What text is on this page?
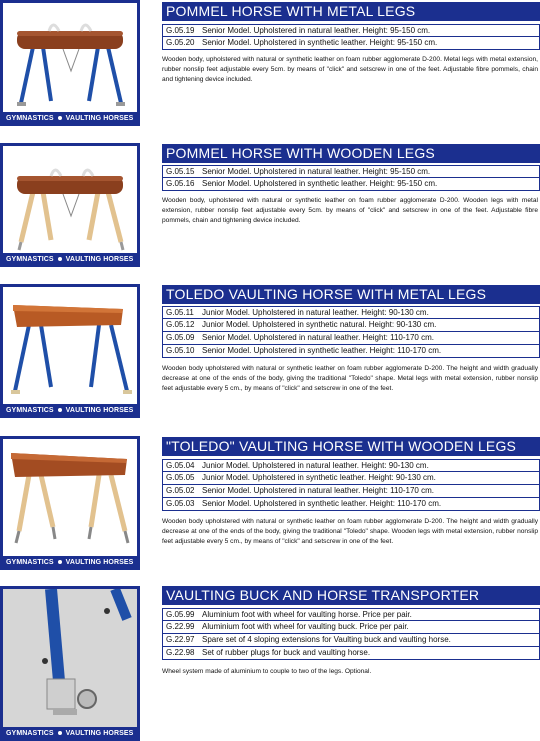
GYMNASTICS VAULTING HORSES
POMMEL HORSE WITH METAL LEGS
G.05.19 Senior Model. Upholstered in natural leather. Height: 95-150 cm.
G.05.20 Senior Model. Upholstered in synthetic leather. Height: 95-150 cm.
Wooden body, upholstered with natural or synthetic leather on foam rubber agglomerate D-200. Metal legs with metal extension, rubber nonslip feet adjustable every 5cm. by means of "click" and setscrew in one of the feet. Adjustable fibre pommels, chain and tightening device included.
GYMNASTICS VAULTING HORSES
POMMEL HORSE WITH WOODEN LEGS
G.05.15 Senior Model. Upholstered in natural leather. Height: 95-150 cm.
G.05.16 Senior Model. Upholstered in synthetic leather. Height: 95-150 cm.
Wooden body, upholstered with natural or synthetic leather on foam rubber agglomerate D-200. Wooden legs with metal extension, rubber nonslip feet adjustable every 5cm. by means of "click" and setscrew in one of the feet. Adjustable fibre pommels, chain and tightening device included.
GYMNASTICS VAULTING HORSES
TOLEDO VAULTING HORSE WITH METAL LEGS
G.05.11 Junior Model. Upholstered in natural leather. Height: 90-130 cm.
G.05.12 Junior Model. Upholstered in synthetic natural. Height: 90-130 cm.
G.05.09 Senior Model. Upholstered in natural leather. Height: 110-170 cm.
G.05.10 Senior Model. Upholstered in synthetic leather. Height: 110-170 cm.
Wooden body upholstered with natural or synthetic leather on foam rubber agglomerate D-200. The height and width gradually decrease at one of the ends of the body, giving the traditional "Toledo" shape. Metal legs with metal extension, rubber nonslip feet adjustable every 5 cm., by means of "click" and setscrew in one of the feet.
GYMNASTICS VAULTING HORSES
"TOLEDO" VAULTING HORSE WITH WOODEN LEGS
G.05.04 Junior Model. Upholstered in natural leather. Height: 90-130 cm.
G.05.05 Junior Model. Upholstered in synthetic leather. Height: 90-130 cm.
G.05.02 Senior Model. Upholstered in natural leather. Height: 110-170 cm.
G.05.03 Senior Model. Upholstered in synthetic leather. Height: 110-170 cm.
Wooden body upholstered with natural or synthetic leather on foam rubber agglomerate D-200. The height and width gradually decrease at one of the ends of the body, giving the traditional "Toledo" shape. Wooden legs with metal extension, rubber nonslip feet adjustable every 5 cm., by means of "click" and setscrew in one of the feet.
GYMNASTICS VAULTING HORSES
VAULTING BUCK AND HORSE TRANSPORTER
G.05.99 Aluminium foot with wheel for vaulting horse. Price per pair.
G.22.99 Aluminium foot with wheel for vaulting buck. Price per pair.
G.22.97 Spare set of 4 sloping extensions for Vaulting buck and vaulting horse.
G.22.98 Set of rubber plugs for buck and vaulting horse.
Wheel system made of aluminium to couple to two of the legs. Optional.
